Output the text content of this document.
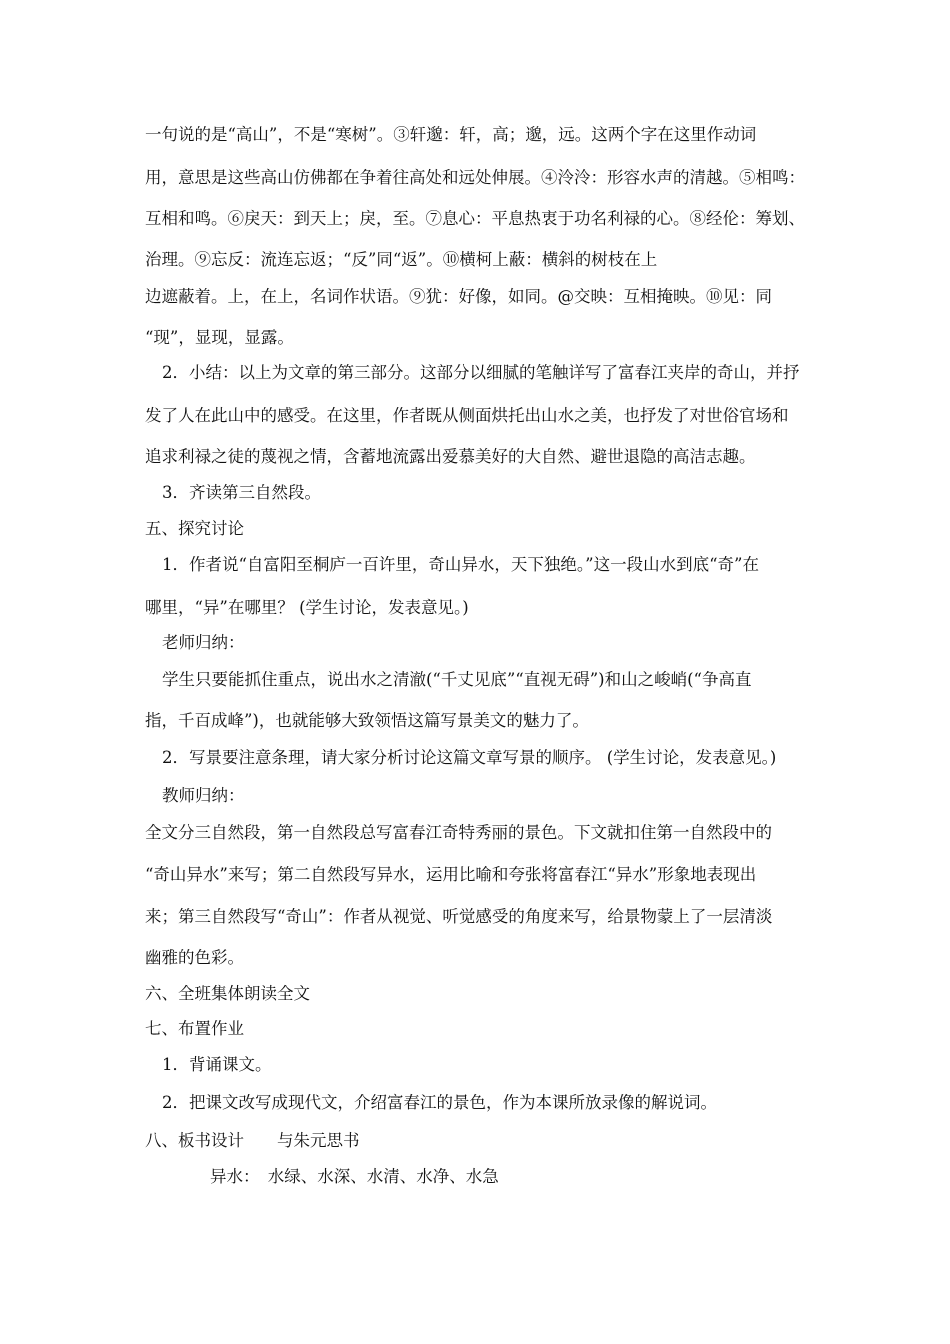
一句说的是“高山”，不是“寒树”。③轩邈：轩，高；邈，远。这两个字在这里作动词
用，意思是这些高山仿佛都在争着往高处和远处伸展。④泠泠：形容水声的清越。⑤相鸣：
互相和鸣。⑥戾天：到天上；戾，至。⑦息心：平息热衷于功名利禄的心。⑧经伦：筹划、
治理。⑨忘反：流连忘返；“反”同“返”。⑩横柯上蔽：横斜的树枝在上
边遮蔽着。上，在上，名词作状语。⑨犹：好像，如同。@交映：互相掩映。⑩见：同
“现”，显现，显露。
2．小结：以上为文章的第三部分。这部分以细腻的笔触详写了富春江夹岸的奇山，并抒
发了人在此山中的感受。在这里，作者既从侧面烘托出山水之美，也抒发了对世俗官场和
追求利禄之徒的蔑视之情，含蓄地流露出爱慕美好的大自然、避世退隐的高洁志趣。
3．齐读第三自然段。
五、探究讨论
1．作者说“自富阳至桐庐一百许里，奇山异水，天下独绝。”这一段山水到底“奇”在
哪里，“异”在哪里？ (学生讨论，发表意见。)
老师归纳：
学生只要能抓住重点，说出水之清澈(“千丈见底”“直视无碍”)和山之峻峭(“争高直
指，千百成峰”)，也就能够大致领悟这篇写景美文的魅力了。
2．写景要注意条理，请大家分析讨论这篇文章写景的顺序。 (学生讨论，发表意见。)
教师归纳：
全文分三自然段，第一自然段总写富春江奇特秀丽的景色。下文就扣住第一自然段中的
“奇山异水”来写；第二自然段写异水，运用比喻和夸张将富春江“异水”形象地表现出
来；第三自然段写“奇山”：作者从视觉、听觉感受的角度来写，给景物蒙上了一层清淡
幽雅的色彩。
六、全班集体朗读全文
七、布置作业
1．背诵课文。
2．把课文改写成现代文，介绍富春江的景色，作为本课所放录像的解说词。
八、板书设计　　与朱元思书
异水：　水绿、水深、水清、水净、水急
